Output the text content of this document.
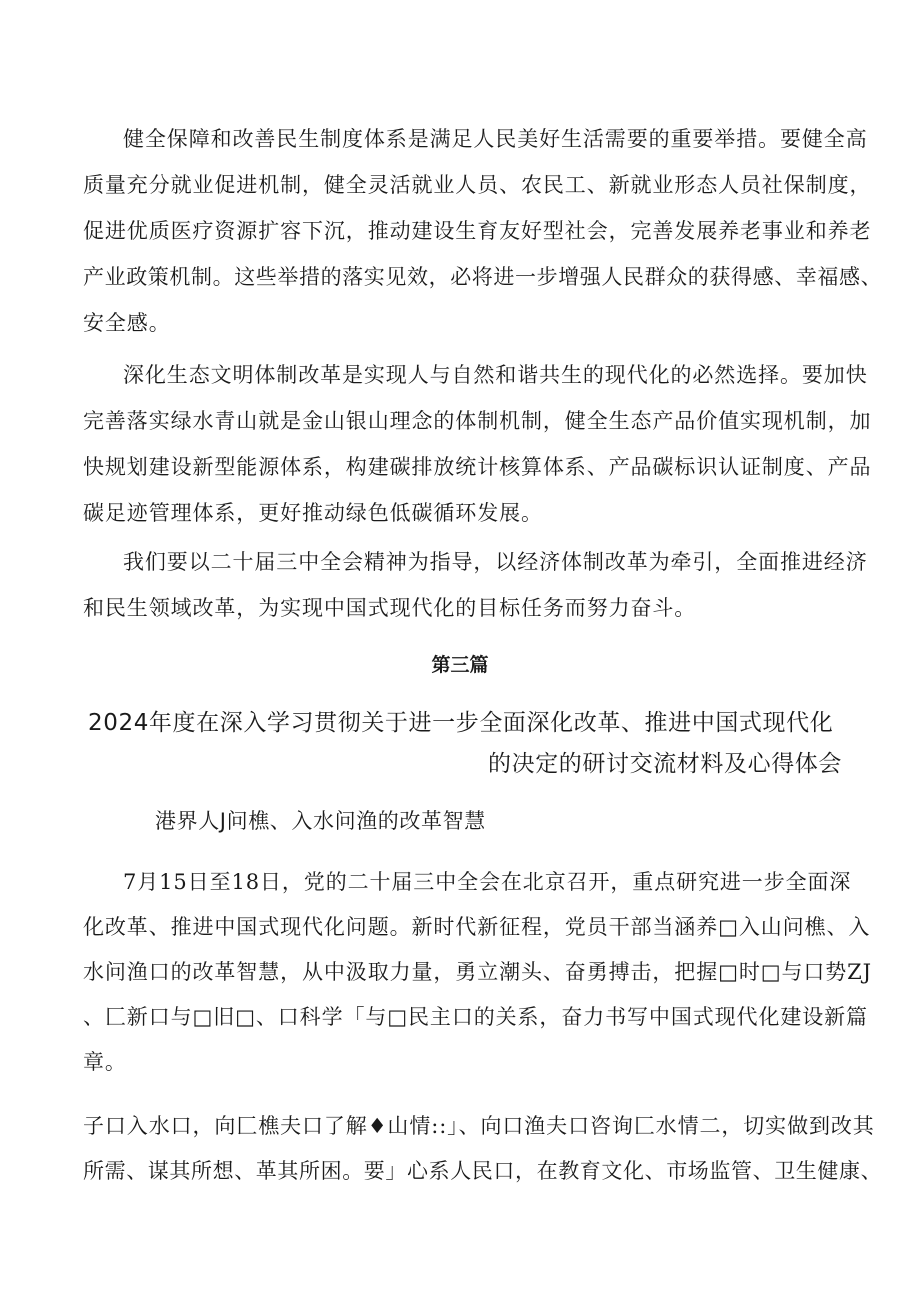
健全保障和改善民生制度体系是满足人民美好生活需要的重要举措。要健全高
质量充分就业促进机制，健全灵活就业人员、农民工、新就业形态人员社保制度，
促进优质医疗资源扩容下沉，推动建设生育友好型社会，完善发展养老事业和养老
产业政策机制。这些举措的落实见效，必将进一步增强人民群众的获得感、幸福感、
安全感。
深化生态文明体制改革是实现人与自然和谐共生的现代化的必然选择。要加快
完善落实绿水青山就是金山银山理念的体制机制，健全生态产品价值实现机制，加
快规划建设新型能源体系，构建碳排放统计核算体系、产品碳标识认证制度、产品
碳足迹管理体系，更好推动绿色低碳循环发展。
我们要以二十届三中全会精神为指导，以经济体制改革为牵引，全面推进经济
和民生领域改革，为实现中国式现代化的目标任务而努力奋斗。
第三篇
2024年度在深入学习贯彻关于进一步全面深化改革、推进中国式现代化
的决定的研讨交流材料及心得体会
港界人J问樵、入水问渔的改革智慧
7月15日至18日，党的二十届三中全会在北京召开，重点研究进一步全面深
化改革、推进中国式现代化问题。新时代新征程，党员干部当涵养□入山问樵、入
水问渔口的改革智慧，从中汲取力量，勇立潮头、奋勇搏击，把握□时□与口势ZJ
、匚新口与□旧□、口科学「与□民主口的关系，奋力书写中国式现代化建设新篇
章。
子口入水口，向匚樵夫口了解♦山情::」、向口渔夫口咨询匚水情二，切实做到改其
所需、谋其所想、革其所困。要」心系人民口，在教育文化、市场监管、卫生健康、
